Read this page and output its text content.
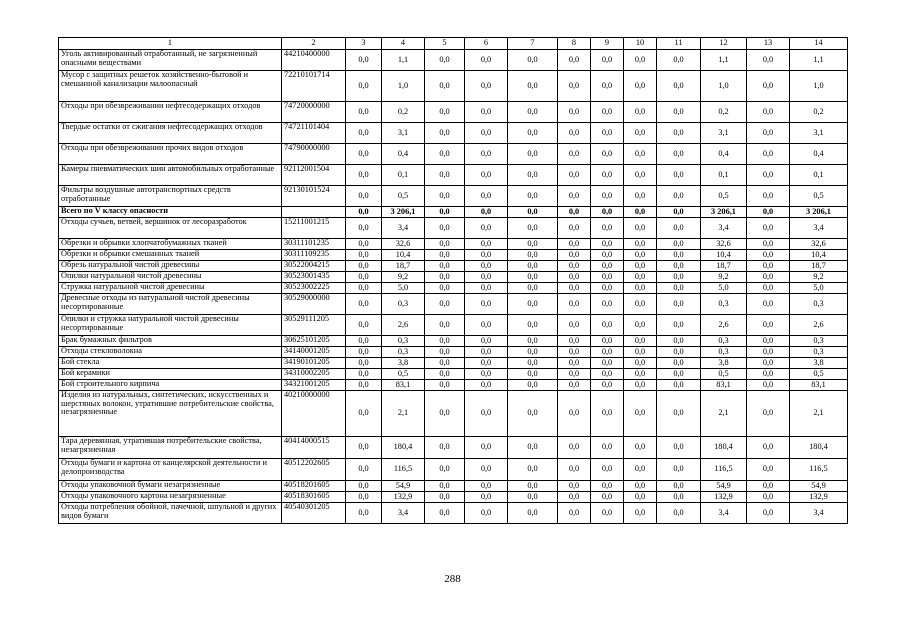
1	2	3	4	5	6	7	8	9	10	11	12	13	14
Уголь активированный отработанный, не загрязненный опасными веществами	44210400000	0,0	1,1	0,0	0,0	0,0	0,0	0,0	0,0	0,0	1,1	0,0	1,1
Мусор с защитных решеток хозяйственно-бытовой и смешанной канализации малоопасный	72210101714	0,0	1,0	0,0	0,0	0,0	0,0	0,0	0,0	0,0	1,0	0,0	1,0
Отходы при обезвреживании нефтесодержащих отходов	74720000000	0,0	0,2	0,0	0,0	0,0	0,0	0,0	0,0	0,0	0,2	0,0	0,2
Твердые остатки от сжигания нефтесодержащих отходов	74721101404	0,0	3,1	0,0	0,0	0,0	0,0	0,0	0,0	0,0	3,1	0,0	3,1
Отходы при обезвреживании прочих видов отходов	74790000000	0,0	0,4	0,0	0,0	0,0	0,0	0,0	0,0	0,0	0,4	0,0	0,4
Камеры пневматических шин автомобильных отработанные	92112001504	0,0	0,1	0,0	0,0	0,0	0,0	0,0	0,0	0,0	0,1	0,0	0,1
Фильтры воздушные автотранспортных средств отработанные	92130101524	0,0	0,5	0,0	0,0	0,0	0,0	0,0	0,0	0,0	0,5	0,0	0,5
Всего по V классу опасности		0,0	3 206,1	0,0	0,0	0,0	0,0	0,0	0,0	0,0	3 206,1	0,0	3 206,1
Отходы сучьев, ветвей, вершинок от лесоразработок	15211001215	0,0	3,4	0,0	0,0	0,0	0,0	0,0	0,0	0,0	3,4	0,0	3,4
Обрезки и обрывки хлопчатобумажных тканей	30311101235	0,0	32,6	0,0	0,0	0,0	0,0	0,0	0,0	0,0	32,6	0,0	32,6
Обрезки и обрывки смешанных тканей	30311109235	0,0	10,4	0,0	0,0	0,0	0,0	0,0	0,0	0,0	10,4	0,0	10,4
Обрезь натуральной чистой древесины	30522004215	0,0	18,7	0,0	0,0	0,0	0,0	0,0	0,0	0,0	18,7	0,0	18,7
Опилки натуральной чистой древесины	30523001435	0,0	9,2	0,0	0,0	0,0	0,0	0,0	0,0	0,0	9,2	0,0	9,2
Стружка натуральной чистой древесины	30523002225	0,0	5,0	0,0	0,0	0,0	0,0	0,0	0,0	0,0	5,0	0,0	5,0
Древесные отходы из натуральной чистой древесины несортированные	30529000000	0,0	0,3	0,0	0,0	0,0	0,0	0,0	0,0	0,0	0,3	0,0	0,3
Опилки и стружка натуральной чистой древесины несортированные	30529111205	0,0	2,6	0,0	0,0	0,0	0,0	0,0	0,0	0,0	2,6	0,0	2,6
Брак бумажных фильтров	30625101205	0,0	0,3	0,0	0,0	0,0	0,0	0,0	0,0	0,0	0,3	0,0	0,3
Отходы стекловолокна	34140001205	0,0	0,3	0,0	0,0	0,0	0,0	0,0	0,0	0,0	0,3	0,0	0,3
Бой стекла	34190101205	0,0	3,8	0,0	0,0	0,0	0,0	0,0	0,0	0,0	3,8	0,0	3,8
Бой керамики	34310002205	0,0	0,5	0,0	0,0	0,0	0,0	0,0	0,0	0,0	0,5	0,0	0,5
Бой строительного кирпича	34321001205	0,0	83,1	0,0	0,0	0,0	0,0	0,0	0,0	0,0	83,1	0,0	83,1
Изделия из натуральных, синтетических, искусственных и шерстяных волокон, утратившие потребительские свойства, незагрязненные	40210000000	0,0	2,1	0,0	0,0	0,0	0,0	0,0	0,0	0,0	2,1	0,0	2,1
Тара деревянная, утратившая потребительские свойства, незагрязненная	40414000515	0,0	180,4	0,0	0,0	0,0	0,0	0,0	0,0	0,0	180,4	0,0	180,4
Отходы бумаги и картона от канцелярской деятельности и делопроизводства	40512202605	0,0	116,5	0,0	0,0	0,0	0,0	0,0	0,0	0,0	116,5	0,0	116,5
Отходы упаковочной бумаги незагрязненные	40518201605	0,0	54,9	0,0	0,0	0,0	0,0	0,0	0,0	0,0	54,9	0,0	54,9
Отходы упаковочного картона незагрязненные	40518301605	0,0	132,9	0,0	0,0	0,0	0,0	0,0	0,0	0,0	132,9	0,0	132,9
Отходы потребления обойной, пачечной, шпульной и других видов бумаги	40540301205	0,0	3,4	0,0	0,0	0,0	0,0	0,0	0,0	0,0	3,4	0,0	3,4
288
